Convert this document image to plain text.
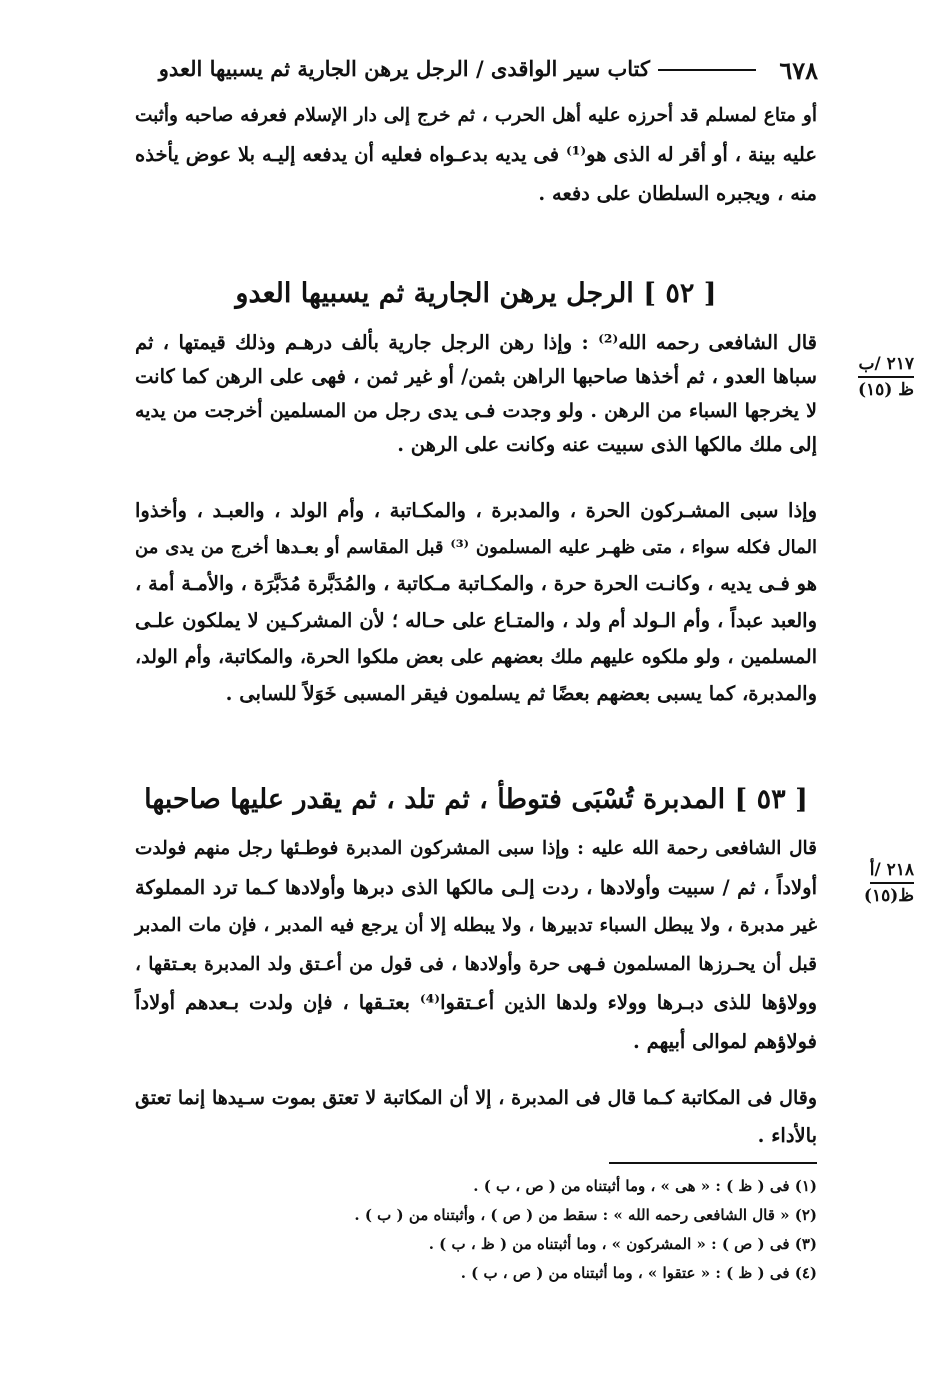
٦٧٨
كتاب سير الواقدى / الرجل يرهن الجارية ثم يسبيها العدو
أو متاع لمسلم قد أحرزه عليه أهل الحرب ، ثم خرج إلى دار الإسلام فعرفه صاحبه وأثبت
عليه بينة ، أو أقر له الذى هو⁽¹⁾ فى يديه بدعـواه فعليه أن يدفعه إليـه بلا عوض يأخذه
منه ، ويجبره السلطان على دفعه .
[ ٥٢ ] الرجل يرهن الجارية ثم يسبيها العدو
قال الشافعى رحمه الله⁽²⁾ : وإذا رهن الرجل جارية بألف درهـم وذلك قيمتها ، ثم
سباها العدو ، ثم أخذها صاحبها الراهن بثمن/ أو غير ثمن ، فهى على الرهن كما كانت
لا يخرجها السباء من الرهن . ولو وجدت فـى يدى رجل من المسلمين أخرجت من يديه
إلى ملك مالكها الذى سبيت عنه وكانت على الرهن .
٢١٧ /ب
ظ (١٥)
وإذا سبى المشـركون الحرة ، والمدبرة ، والمكـاتبة ، وأم الولد ، والعبـد ، وأخذوا
المال فكله سواء ، متى ظهـر عليه المسلمون ⁽³⁾ قبل المقاسم أو بعـدها أخرج من يدى من
هو فـى يديه ، وكانـت الحرة حرة ، والمكـاتبة مـكاتبة ، والمُدَبَّرة مُدَبَّرَة ، والأمـة أمة ،
والعبد عبداً ، وأم الـولد أم ولد ، والمتـاع على حـاله ؛ لأن المشركـين لا يملكون علـى
المسلمين ، ولو ملكوه عليهم ملك بعضهم على بعض ملكوا الحرة، والمكاتبة، وأم الولد،
والمدبرة، كما يسبى بعضهم بعضًا ثم يسلمون فيقر المسبى خَوَلاً للسابى .
[ ٥٣ ] المدبرة تُسْبَى فتوطأ ، ثم تلد ، ثم يقدر عليها صاحبها
قال الشافعى رحمة الله عليه : وإذا سبى المشركون المدبرة فوطـئها رجل منهم فولدت
أولاداً ، ثم / سبيت وأولادها ، ردت إلـى مالكها الذى دبرها وأولادها كـما ترد المملوكة
غير مدبرة ، ولا يبطل السباء تدبيرها ، ولا يبطله إلا أن يرجع فيه المدبر ، فإن مات المدبر
قبل أن يحـرزها المسلمون فـهى حرة وأولادها ، فى قول من أعـتق ولد المدبرة بعـتقها ،
وولاؤها للذى دبـرها وولاء ولدها الذين أعـتقوا⁽⁴⁾ بعتـقها ، فإن ولدت بـعدهم أولاداً
فولاؤهم لموالى أبيهم .
٢١٨ /أ
ظ(١٥)
وقال فى المكاتبة كـما قال فى المدبرة ، إلا أن المكاتبة لا تعتق بموت سـيدها إنما تعتق
بالأداء .
(١) فى ( ظ ) : « هى » ، وما أثبتناه من ( ص ، ب ) .
(٢) « قال الشافعى رحمه الله » : سقط من ( ص ) ، وأثبتناه من ( ب ) .
(٣) فى ( ص ) : « المشركون » ، وما أثبتناه من ( ظ ، ب ) .
(٤) فى ( ظ ) : « عتقوا » ، وما أثبتناه من ( ص ، ب ) .
